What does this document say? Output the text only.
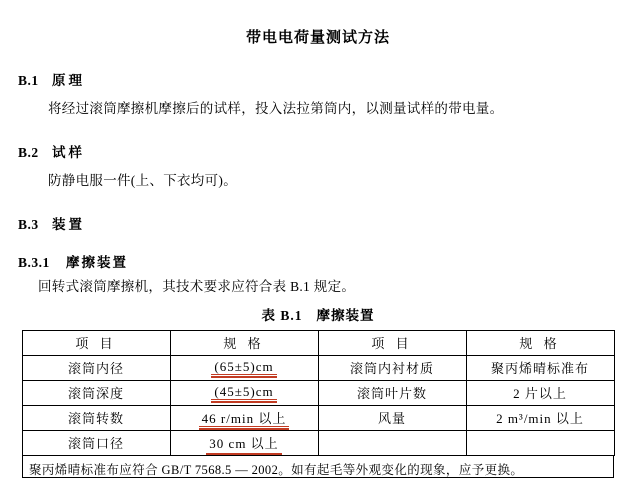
带电电荷量测试方法
B.1 原理
将经过滚筒摩擦机摩擦后的试样，投入法拉第筒内，以测量试样的带电量。
B.2 试样
防静电服一件(上、下衣均可)。
B.3 装置
B.3.1 摩擦装置
回转式滚筒摩擦机，其技术要求应符合表 B.1 规定。
表 B.1 摩擦装置
项 目	规 格	项 目	规 格
滚筒内径	(65±5)cm	滚筒内衬材质	聚丙烯晴标准布
滚筒深度	(45±5)cm	滚筒叶片数	2 片以上
滚筒转数	46 r/min 以上	风量	2 m³/min 以上
滚筒口径	30 cm 以上		
聚丙烯晴标准布应符合 GB/T 7568.5 — 2002。如有起毛等外观变化的现象，应予更换。
